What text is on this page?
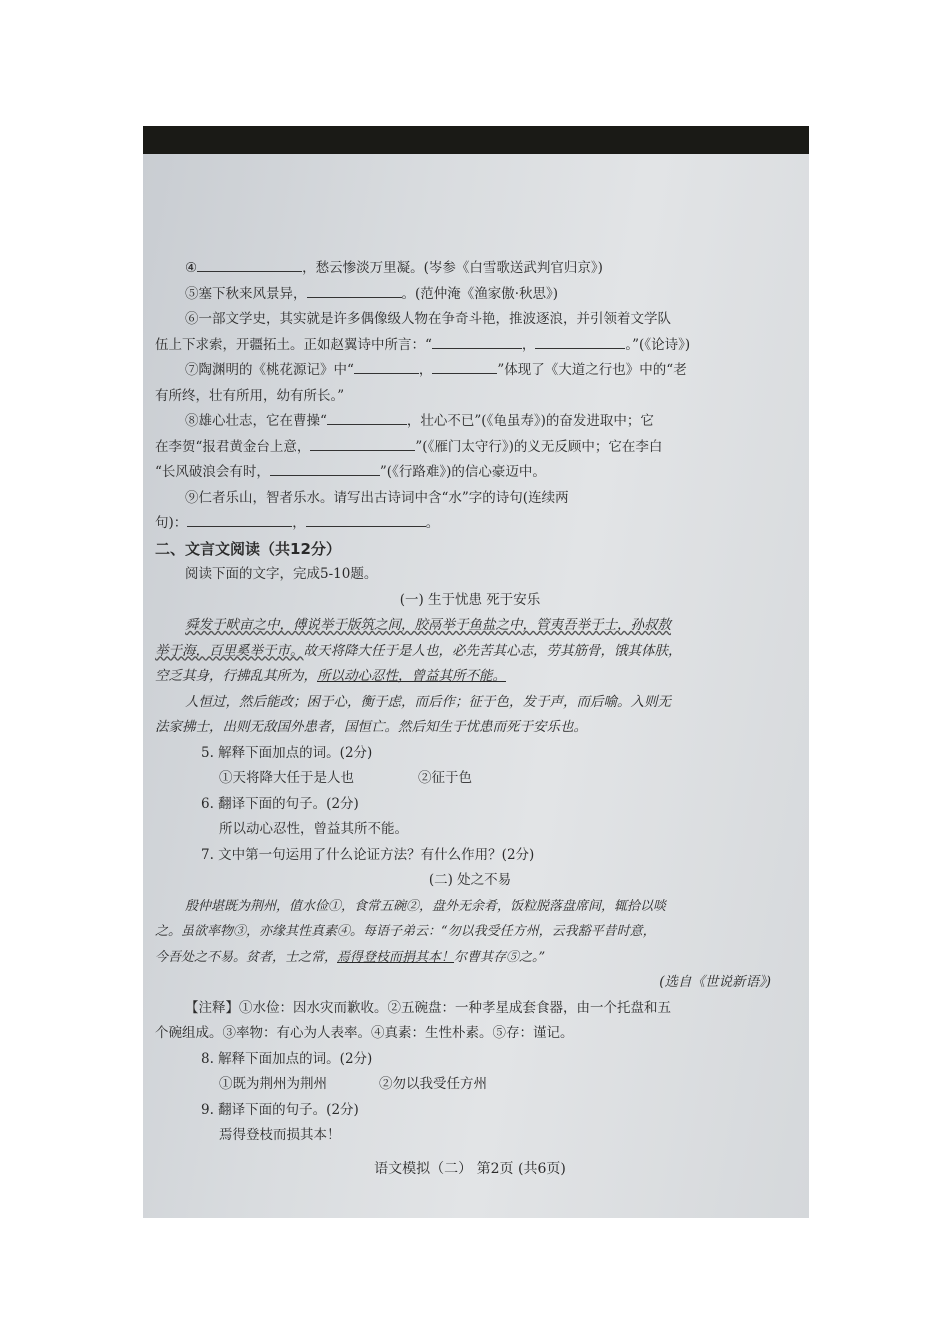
④	，愁云惨淡万里凝。(岑参《白雪歌送武判官归京》)
⑤塞下秋来风景异，	。(范仲淹《渔家傲·秋思》)
⑥一部文学史，其实就是许多偶像级人物在争奇斗艳，推波逐浪，并引领着文学队
伍上下求索，开疆拓土。正如赵翼诗中所言：“	，	。”(《论诗》)
⑦陶渊明的《桃花源记》中“	，	”体现了《大道之行也》中的“老
有所终，壮有所用，幼有所长。”
⑧雄心壮志，它在曹操“	，壮心不已”(《龟虽寿》)的奋发进取中；它
在李贺“报君黄金台上意，	”(《雁门太守行》)的义无反顾中；它在李白
“长风破浪会有时，	”(《行路难》)的信心豪迈中。
⑨仁者乐山，智者乐水。请写出古诗词中含“水”字的诗句(连续两
句)：	，	。
二、文言文阅读（共12分）
阅读下面的文字，完成5-10题。
(一) 生于忧患 死于安乐
舜发于畎亩之中，傅说举于版筑之间，胶鬲举于鱼盐之中，管夷吾举于士，孙叔敖
举于海，百里奚举于市。故天将降大任于是人也，必先苦其心志，劳其筋骨，饿其体肤，
空乏其身，行拂乱其所为，所以动心忍性，曾益其所不能。
人恒过，然后能改；困于心，衡于虑，而后作；征于色，发于声，而后喻。入则无
法家拂士，出则无敌国外患者，国恒亡。然后知生于忧患而死于安乐也。
5. 解释下面加点的词。(2分)
①天将降大任于是人也	②征于色
6. 翻译下面的句子。(2分)
所以动心忍性，曾益其所不能。
7. 文中第一句运用了什么论证方法？有什么作用？(2分)
(二) 处之不易
殷仲堪既为荆州，值水俭①，食常五碗②，盘外无余肴，饭粒脱落盘席间，辄拾以啖
之。虽欲率物③，亦缘其性真素④。每语子弟云：“勿以我受任方州，云我豁平昔时意，
今吾处之不易。贫者，士之常，焉得登枝而捐其本！尔曹其存⑤之。”
(选自《世说新语》)
【注释】①水俭：因水灾而歉收。②五碗盘：一种孝星成套食器，由一个托盘和五
个碗组成。③率物：有心为人表率。④真素：生性朴素。⑤存：谨记。
8. 解释下面加点的词。(2分)
①既为荆州为荆州	②勿以我受任方州
9. 翻译下面的句子。(2分)
焉得登枝而损其本！
语文模拟（二） 第2页 (共6页)
